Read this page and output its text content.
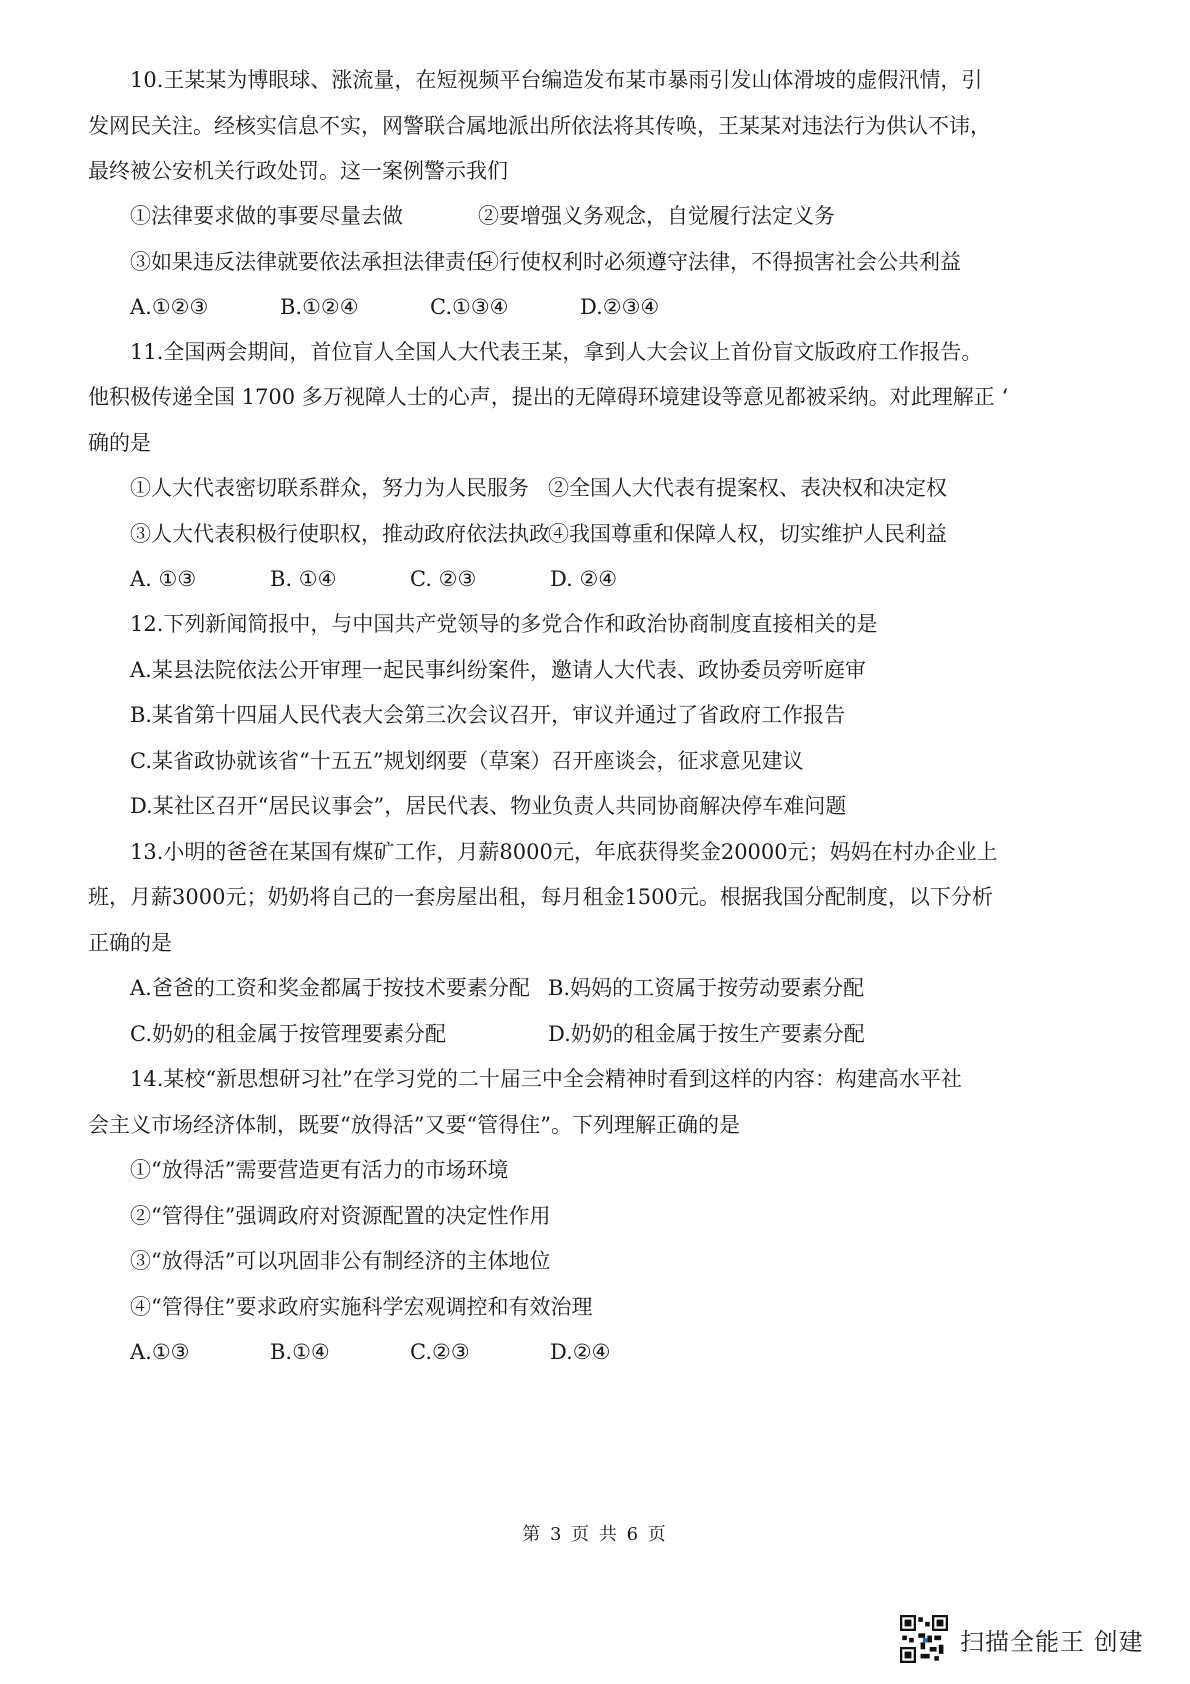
10.王某某为博眼球、涨流量，在短视频平台编造发布某市暴雨引发山体滑坡的虚假汛情，引
发网民关注。经核实信息不实，网警联合属地派出所依法将其传唤，王某某对违法行为供认不讳，
最终被公安机关行政处罚。这一案例警示我们
①法律要求做的事要尽量去做	②要增强义务观念，自觉履行法定义务
③如果违反法律就要依法承担法律责任
④行使权利时必须遵守法律，不得损害社会公共利益
A.①②③	B.①②④	C.①③④	D.②③④
11.全国两会期间，首位盲人全国人大代表王某，拿到人大会议上首份盲文版政府工作报告。
他积极传递全国 1700 多万视障人士的心声，提出的无障碍环境建设等意见都被采纳。对此理解正 ‘
确的是
①人大代表密切联系群众，努力为人民服务 ②全国人大代表有提案权、表决权和决定权
③人大代表积极行使职权，推动政府依法执政
④我国尊重和保障人权，切实维护人民利益
A. ①③	B. ①④	C. ②③	D. ②④
12.下列新闻简报中，与中国共产党领导的多党合作和政治协商制度直接相关的是
A.某县法院依法公开审理一起民事纠纷案件，邀请人大代表、政协委员旁听庭审
B.某省第十四届人民代表大会第三次会议召开，审议并通过了省政府工作报告
C.某省政协就该省“十五五”规划纲要（草案）召开座谈会，征求意见建议
D.某社区召开“居民议事会”，居民代表、物业负责人共同协商解决停车难问题
13.小明的爸爸在某国有煤矿工作，月薪8000元，年底获得奖金20000元；妈妈在村办企业上
班，月薪3000元；奶奶将自己的一套房屋出租，每月租金1500元。根据我国分配制度，以下分析
正确的是
A.爸爸的工资和奖金都属于按技术要素分配 B.妈妈的工资属于按劳动要素分配
C.奶奶的租金属于按管理要素分配	D.奶奶的租金属于按生产要素分配
14.某校“新思想研习社”在学习党的二十届三中全会精神时看到这样的内容：构建高水平社
会主义市场经济体制，既要“放得活”又要“管得住”。下列理解正确的是
①“放得活”需要营造更有活力的市场环境
②“管得住”强调政府对资源配置的决定性作用
③“放得活”可以巩固非公有制经济的主体地位
④“管得住”要求政府实施科学宏观调控和有效治理
A.①③	B.①④	C.②③	D.②④
第 3 页 共 6 页
扫描全能王 创建
